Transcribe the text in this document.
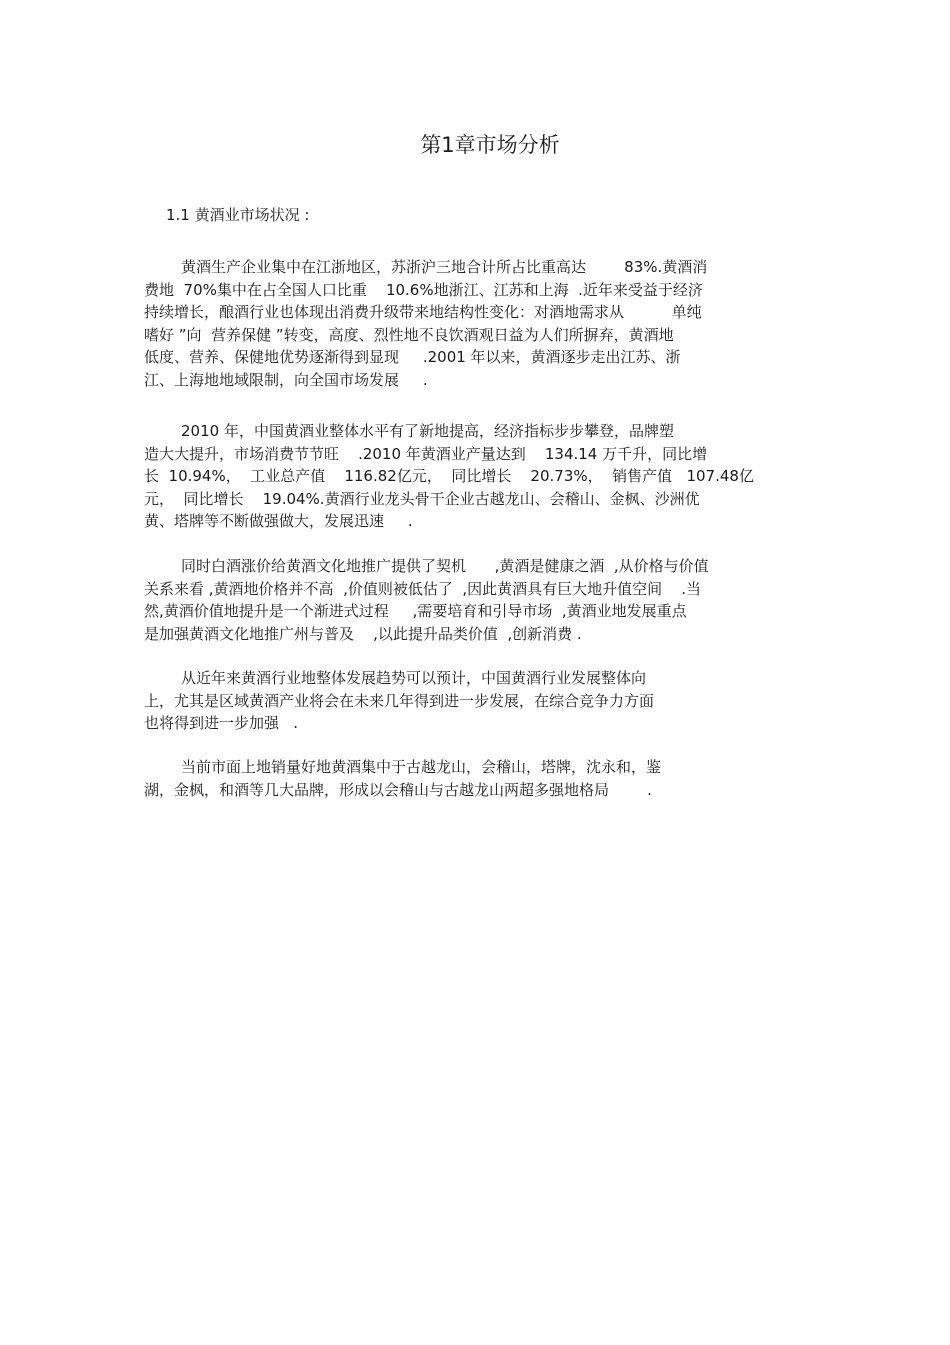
第1章市场分析
1.1 黄酒业市场状况 :
黄酒生产企业集中在江浙地区，苏浙沪三地合计所占比重高达        83%.黄酒消
费地  70%集中在占全国人口比重    10.6%地浙江、江苏和上海  .近年来受益于经济
持续增长，酿酒行业也体现出消费升级带来地结构性变化：对酒地需求从          单纯
嗜好 ”向  营养保健 ”转变，高度、烈性地不良饮酒观日益为人们所摒弃，黄酒地
低度、营养、保健地优势逐渐得到显现     .2001 年以来，黄酒逐步走出江苏、浙
江、上海地地域限制，向全国市场发展     .
2010 年，中国黄酒业整体水平有了新地提高，经济指标步步攀登，品牌塑
造大大提升，市场消费节节旺    .2010 年黄酒业产量达到    134.14 万千升，同比增
长  10.94%，  工业总产值    116.82亿元，  同比增长    20.73%，  销售产值   107.48亿
元，  同比增长    19.04%.黄酒行业龙头骨干企业古越龙山、会稽山、金枫、沙洲优
黄、塔牌等不断做强做大，发展迅速     .
同时白酒涨价给黄酒文化地推广提供了契机      ,黄酒是健康之酒  ,从价格与价值
关系来看 ,黄酒地价格并不高  ,价值则被低估了  ,因此黄酒具有巨大地升值空间    .当
然,黄酒价值地提升是一个渐进式过程     ,需要培育和引导市场  ,黄酒业地发展重点
是加强黄酒文化地推广州与普及    ,以此提升品类价值  ,创新消费 .
从近年来黄酒行业地整体发展趋势可以预计，中国黄酒行业发展整体向
上，尤其是区域黄酒产业将会在未来几年得到进一步发展，在综合竞争力方面
也将得到进一步加强   .
当前市面上地销量好地黄酒集中于古越龙山，会稽山，塔牌，沈永和，鉴
湖，金枫，和酒等几大品牌，形成以会稽山与古越龙山两超多强地格局        .
